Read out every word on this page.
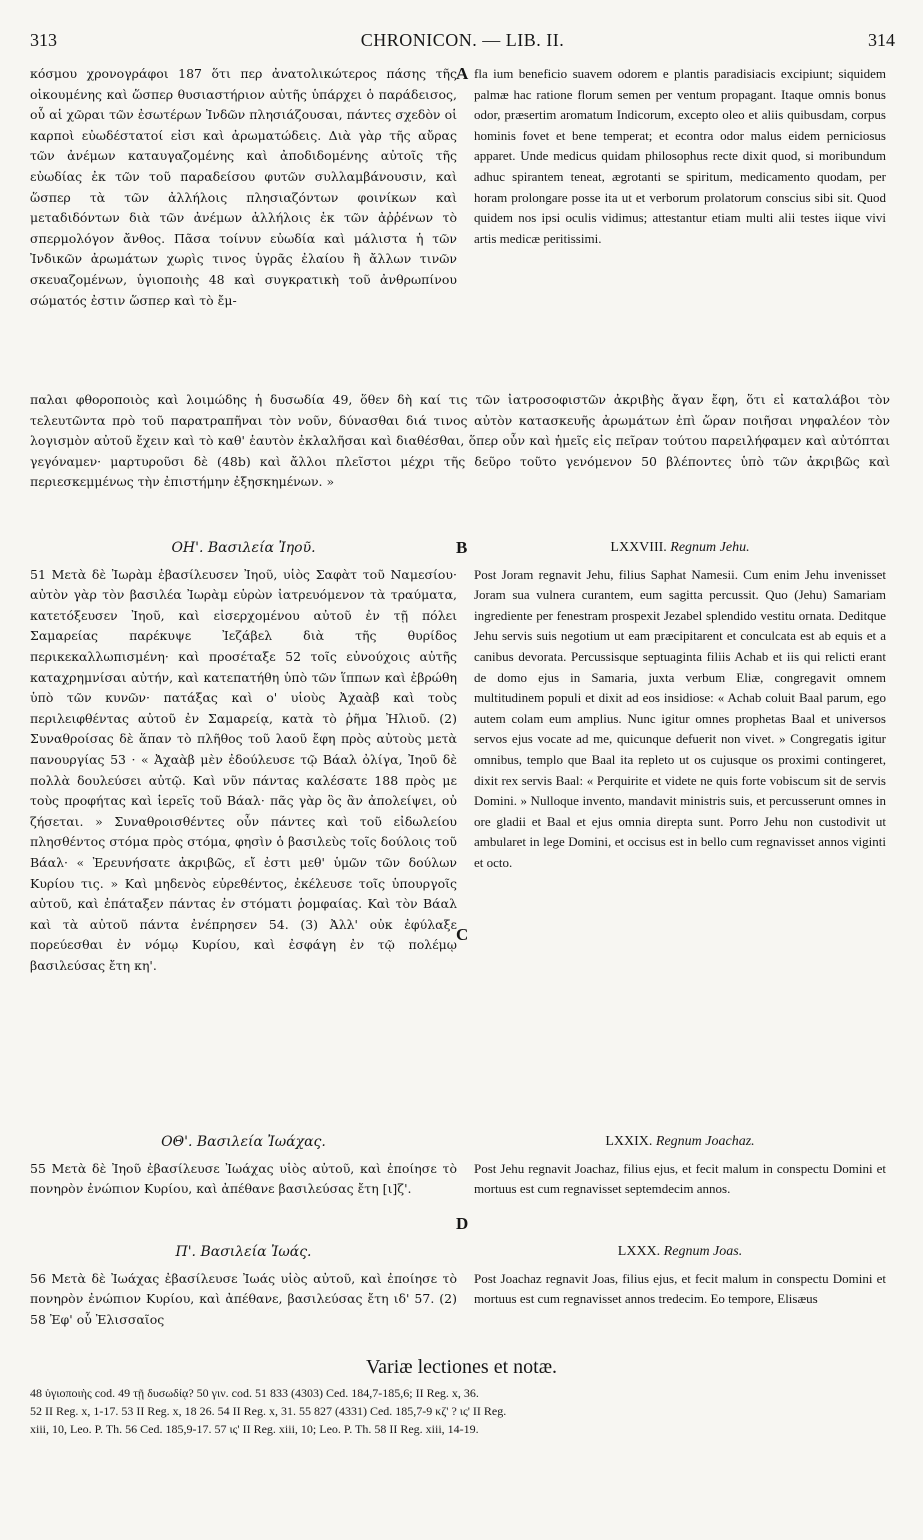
313	CHRONICON. — LIB. II.	314
A
B
C
D

κόσμου χρονογράφοι 187 ὅτι περ ἀνατολικώτερος πάσης τῆς οἰκουμένης καὶ ὥσπερ θυσιαστήριον αὐτῆς ὑπάρχει ὁ παράδεισος, οὗ αἱ χῶραι τῶν ἐσωτέρων Ἰνδῶν πλησιάζουσαι, πάντες σχεδὸν οἱ καρποὶ εὐωδέστατοί εἰσι καὶ ἀρωματώδεις. Διὰ γὰρ τῆς αὔρας τῶν ἀνέμων καταυγαζομένης καὶ ἀποδιδομένης αὐτοῖς τῆς εὐωδίας ἐκ τῶν τοῦ παραδείσου φυτῶν συλλαμβάνουσιν, καὶ ὥσπερ τὰ τῶν ἀλλήλοις πλησιαζόντων φοινίκων καὶ μεταδιδόντων διὰ τῶν ἀνέμων ἀλλήλοις ἐκ τῶν ἀῤῥένων τὸ σπερμολόγον ἄνθος. Πᾶσα τοίνυν εὐωδία καὶ μάλιστα ἡ τῶν Ἰνδικῶν ἀρωμάτων χωρὶς τινος ὑγρᾶς ἐλαίου ἢ ἄλλων τινῶν σκευαζομένων, ὑγιοποιὴς 48 καὶ συγκρατικὴ τοῦ ἀνθρωπίνου σώματός ἐστιν ὥσπερ καὶ τὸ ἔμ-

fla ium beneficio suavem odorem e plantis paradisiacis excipiunt; siquidem palmæ hac ratione florum semen per ventum propagant. Itaque omnis bonus odor, præsertim aromatum Indicorum, excepto oleo et aliis quibusdam, corpus hominis fovet et bene temperat; et econtra odor malus eidem perniciosus apparet. Unde medicus quidam philosophus recte dixit quod, si moribundum adhuc spirantem teneat, ægrotanti se spiritum, medicamento quodam, per horam prolongare posse ita ut et verborum prolatorum conscius sibi sit. Quod quidem nos ipsi oculis vidimus; attestantur etiam multi alii testes iique vivi artis medicæ peritissimi.

παλαι φθοροποιὸς καὶ λοιμώδης ἡ δυσωδία 49, ὅθεν δὴ καί τις τῶν ἰατροσοφιστῶν ἀκριβὴς ἄγαν ἔφη, ὅτι εἰ καταλάβοι τὸν τελευτῶντα πρὸ τοῦ παρατραπῆναι τὸν νοῦν, δύνασθαι διά τινος αὐτὸν κατασκευῆς ἀρωμάτων ἐπὶ ὥραν ποιῆσαι νηφαλέον τὸν λογισμὸν αὐτοῦ ἔχειν καὶ τὸ καθ' ἑαυτὸν ἐκλαλῆσαι καὶ διαθέσθαι, ὅπερ οὖν καὶ ἡμεῖς εἰς πεῖραν τούτου παρειλήφαμεν καὶ αὐτόπται γεγόναμεν· μαρτυροῦσι δὲ (48b) καὶ ἄλλοι πλεῖστοι μέχρι τῆς δεῦρο τοῦτο γενόμενον 50 βλέποντες ὑπὸ τῶν ἀκριβῶς καὶ περιεσκεμμένως τὴν ἐπιστήμην ἐξησκημένων. »

ΟΗ'. Βασιλεία Ἰηοῦ.

51 Μετὰ δὲ Ἰωρὰμ ἐβασίλευσεν Ἰηοῦ, υἱὸς Σαφὰτ τοῦ Ναμεσίου· αὐτὸν γὰρ τὸν βασιλέα Ἰωρὰμ εὑρὼν ἰατρευόμενον τὰ τραύματα, κατετόξευσεν Ἰηοῦ, καὶ εἰσερχομένου αὐτοῦ ἐν τῇ πόλει Σαμαρείας παρέκυψε Ἰεζάβελ διὰ τῆς θυρίδος περικεκαλλωπισμένη· καὶ προσέταξε 52 τοῖς εὐνούχοις αὐτῆς καταχρημνίσαι αὐτήν, καὶ κατεπατήθη ὑπὸ τῶν ἵππων καὶ ἐβρώθη ὑπὸ τῶν κυνῶν· πατάξας καὶ ο' υἱοὺς Ἀχαὰβ καὶ τοὺς περιλειφθέντας αὐτοῦ ἐν Σαμαρείᾳ, κατὰ τὸ ῥῆμα Ἠλιοῦ. (2) Συναθροίσας δὲ ἅπαν τὸ πλῆθος τοῦ λαοῦ ἔφη πρὸς αὐτοὺς μετὰ πανουργίας 53 · « Ἀχαὰβ μὲν ἐδούλευσε τῷ Βάαλ ὀλίγα, Ἰηοῦ δὲ πολλὰ δουλεύσει αὐτῷ. Καὶ νῦν πάντας καλέσατε 188 πρὸς με τοὺς προφήτας καὶ ἱερεῖς τοῦ Βάαλ· πᾶς γὰρ ὃς ἂν ἀπολείψει, οὐ ζήσεται. » Συναθροισθέντες οὖν πάντες καὶ τοῦ εἰδωλείου πλησθέντος στόμα πρὸς στόμα, φησὶν ὁ βασιλεὺς τοῖς δούλοις τοῦ Βάαλ· « Ἐρευνήσατε ἀκριβῶς, εἴ ἐστι μεθ' ὑμῶν τῶν δούλων Κυρίου τις. » Καὶ μηδενὸς εὑρεθέντος, ἐκέλευσε τοῖς ὑπουργοῖς αὐτοῦ, καὶ ἐπάταξεν πάντας ἐν στόματι ῥομφαίας. Καὶ τὸν Βάαλ καὶ τὰ αὐτοῦ πάντα ἐνέπρησεν 54. (3) Ἀλλ' οὐκ ἐφύλαξε πορεύεσθαι ἐν νόμῳ Κυρίου, καὶ ἐσφάγη ἐν τῷ πολέμῳ βασιλεύσας ἔτη κη'.

LXXVIII. Regnum Jehu.

Post Joram regnavit Jehu, filius Saphat Namesii. Cum enim Jehu invenisset Joram sua vulnera curantem, eum sagitta percussit. Quo (Jehu) Samariam ingrediente per fenestram prospexit Jezabel splendido vestitu ornata. Deditque Jehu servis suis negotium ut eam præcipitarent et conculcata est ab equis et a canibus devorata. Percussisque septuaginta filiis Achab et iis qui relicti erant de domo ejus in Samaria, juxta verbum Eliæ, congregavit omnem multitudinem populi et dixit ad eos insidiose: « Achab coluit Baal parum, ego autem colam eum amplius. Nunc igitur omnes prophetas Baal et universos servos ejus vocate ad me, quicunque defuerit non vivet. » Congregatis igitur omnibus, templo que Baal ita repleto ut os cujusque os proximi contingeret, dixit rex servis Baal: « Perquirite et videte ne quis forte vobiscum sit de servis Domini. » Nulloque invento, mandavit ministris suis, et percusserunt omnes in ore gladii et Baal et ejus omnia direpta sunt. Porro Jehu non custodivit ut ambularet in lege Domini, et occisus est in bello cum regnavisset annos viginti et octo.

ΟΘ'. Βασιλεία Ἰωάχας.

55 Μετὰ δὲ Ἰηοῦ ἐβασίλευσε Ἰωάχας υἱὸς αὐτοῦ, καὶ ἐποίησε τὸ πονηρὸν ἐνώπιον Κυρίου, καὶ ἀπέθανε βασιλεύσας ἔτη [ι]ζ'.

LXXIX. Regnum Joachaz.

Post Jehu regnavit Joachaz, filius ejus, et fecit malum in conspectu Domini et mortuus est cum regnavisset septemdecim annos.

Π'. Βασιλεία Ἰωάς.

56 Μετὰ δὲ Ἰωάχας ἐβασίλευσε Ἰωάς υἱὸς αὐτοῦ, καὶ ἐποίησε τὸ πονηρὸν ἐνώπιον Κυρίου, καὶ ἀπέθανε, βασιλεύσας ἔτη ιδ' 57. (2) 58 Ἐφ' οὗ Ἐλισσαῖος

LXXX. Regnum Joas.

Post Joachaz regnavit Joas, filius ejus, et fecit malum in conspectu Domini et mortuus est cum regnavisset annos tredecim. Eo tempore, Elisæus

Variæ lectiones et notæ.

48 ὑγιοποιὴς cod. 49 τῇ δυσωδίᾳ? 50 γιν. cod. 51 833 (4303) Ced. 184,7-185,6; II Reg. x, 36.

52 II Reg. x, 1-17. 53 II Reg. x, 18 26. 54 II Reg. x, 31. 55 827 (4331) Ced. 185,7-9 κζ' ? ις' II Reg.

xiii, 10, Leo. P. Th. 56 Ced. 185,9-17. 57 ις' II Reg. xiii, 10; Leo. P. Th. 58 II Reg. xiii, 14-19.
